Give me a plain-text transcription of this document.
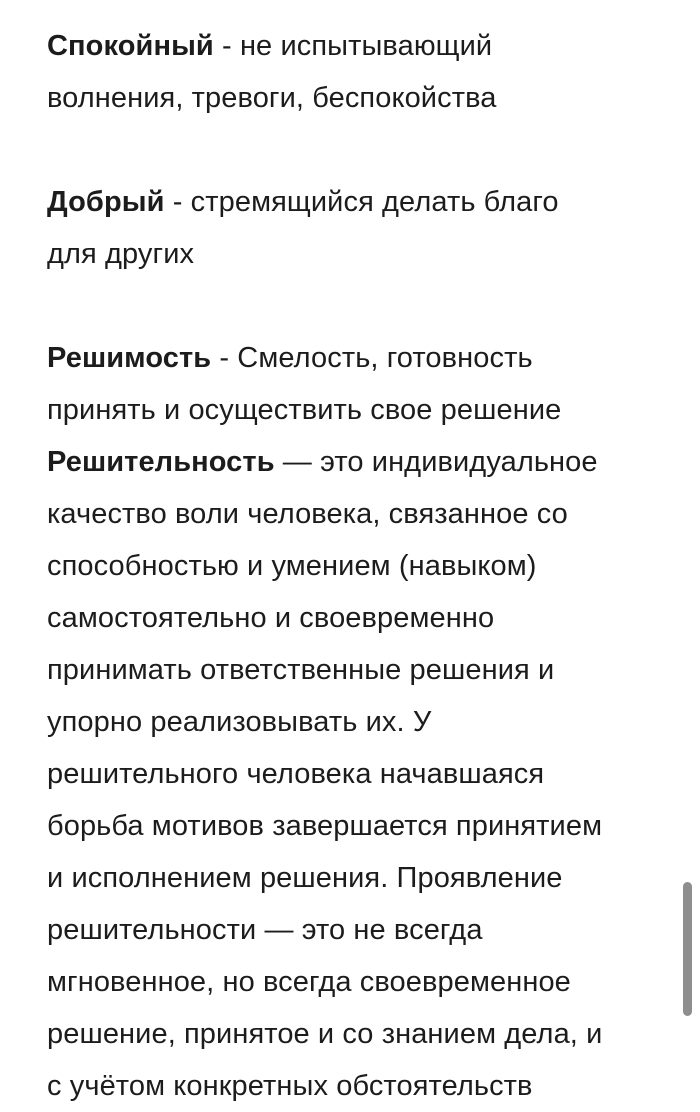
Спокойный - не испытывающий
волнения, тревоги, беспокойства

Добрый - стремящийся делать благо
для других

Решимость - Смелость, готовность
принять и осуществить свое решение

Решительность — это индивидуальное
качество воли человека, связанное со
способностью и умением (навыком)
самостоятельно и своевременно
принимать ответственные решения и
упорно реализовывать их. У
решительного человека начавшаяся
борьба мотивов завершается принятием
и исполнением решения. Проявление
решительности — это не всегда
мгновенное, но всегда своевременное
решение, принятое и со знанием дела, и
с учётом конкретных обстоятельств
